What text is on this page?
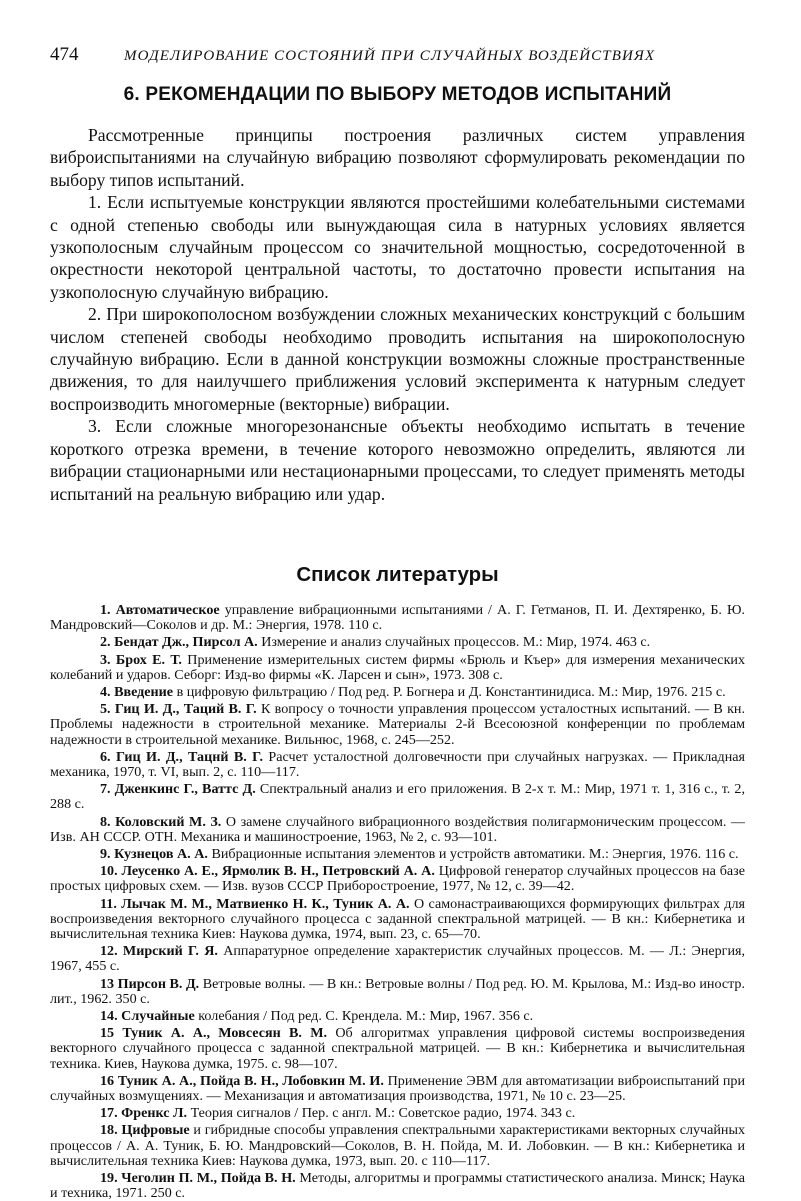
474	МОДЕЛИРОВАНИЕ СОСТОЯНИЙ ПРИ СЛУЧАЙНЫХ ВОЗДЕЙСТВИЯХ
6. РЕКОМЕНДАЦИИ ПО ВЫБОРУ МЕТОДОВ ИСПЫТАНИЙ

Рассмотренные принципы построения различных систем управления виброиспытаниями на случайную вибрацию позволяют сформулировать рекомендации по выбору типов испытаний.

1. Если испытуемые конструкции являются простейшими колебательными системами с одной степенью свободы или вынуждающая сила в натурных условиях является узкополосным случайным процессом со значительной мощностью, сосредоточенной в окрестности некоторой центральной частоты, то достаточно провести испытания на узкополосную случайную вибрацию.

2. При широкополосном возбуждении сложных механических конструкций с большим числом степеней свободы необходимо проводить испытания на широкополосную случайную вибрацию. Если в данной конструкции возможны сложные пространственные движения, то для наилучшего приближения условий эксперимента к натурным следует воспроизводить многомерные (векторные) вибрации.

3. Если сложные многорезонансные объекты необходимо испытать в течение короткого отрезка времени, в течение которого невозможно определить, являются ли вибрации стационарными или нестационарными процессами, то следует применять методы испытаний на реальную вибрацию или удар.

Список литературы

1. Автоматическое управление вибрационными испытаниями / А. Г. Гетманов, П. И. Дехтяренко, Б. Ю. Мандровский—Соколов и др. М.: Энергия, 1978. 110 с.

2. Бендат Дж., Пирсол А. Измерение и анализ случайных процессов. М.: Мир, 1974. 463 с.

3. Брох Е. Т. Применение измерительных систем фирмы «Брюль и Къер» для измерения механических колебаний и ударов. Себорг: Изд-во фирмы «К. Ларсен и сын», 1973. 308 с.

4. Введение в цифровую фильтрацию / Под ред. Р. Богнера и Д. Константинидиса. М.: Мир, 1976. 215 с.

5. Гиц И. Д., Таций В. Г. К вопросу о точности управления процессом усталостных испытаний. — В кн. Проблемы надежности в строительной механике. Материалы 2-й Всесоюзной конференции по проблемам надежности в строительной механике. Вильнюс, 1968, с. 245—252.

6. Гиц И. Д., Тацнй В. Г. Расчет усталостной долговечности при случайных нагрузках. — Прикладная механика, 1970, т. VI, вып. 2, с. 110—117.

7. Дженкинс Г., Ваттс Д. Спектральный анализ и его приложения. В 2-х т. М.: Мир, 1971 т. 1, 316 с., т. 2, 288 с.

8. Коловский М. З. О замене случайного вибрационного воздействия полигармоническим процессом. — Изв. АН СССР. ОТН. Механика и машиностроение, 1963, № 2, с. 93—101.

9. Кузнецов А. А. Вибрационные испытания элементов и устройств автоматики. М.: Энергия, 1976. 116 с.

10. Леусенко А. Е., Ярмолик В. Н., Петровский А. А. Цифровой генератор случайных процессов на базе простых цифровых схем. — Изв. вузов СССР Приборостроение, 1977, № 12, с. 39—42.

11. Лычак М. М., Матвиенко Н. К., Туник А. А. О самонастраивающихся формирующих фильтрах для воспроизведения векторного случайного процесса с заданной спектральной матрицей. — В кн.: Кибернетика и вычислительная техника Киев: Наукова думка, 1974, вып. 23, с. 65—70.

12. Мирский Г. Я. Аппаратурное определение характеристик случайных процессов. М. — Л.: Энергия, 1967, 455 с.

13 Пирсон В. Д. Ветровые волны. — В кн.: Ветровые волны / Под ред. Ю. М. Крылова, М.: Изд-во иностр. лит., 1962. 350 с.

14. Случайные колебания / Под ред. С. Крендела. М.: Мир, 1967. 356 с.

15 Туник А. А., Мовсесян В. М. Об алгоритмах управления цифровой системы воспроизведения векторного случайного процесса с заданной спектральной матрицей. — В кн.: Кибернетика и вычислительная техника. Киев, Наукова думка, 1975. с. 98—107.

16 Туник А. А., Пойда В. Н., Лобовкин М. И. Применение ЭВМ для автоматизации виброиспытаний при случайных возмущениях. — Механизация и автоматизация производства, 1971, № 10 с. 23—25.

17. Френкс Л. Теория сигналов / Пер. с англ. М.: Советское радио, 1974. 343 с.

18. Цифровые и гибридные способы управления спектральными характеристиками векторных случайных процессов / А. А. Туник, Б. Ю. Мандровский—Соколов, В. Н. Пойда, М. И. Лобовкин. — В кн.: Кибернетика и вычислительная техника Киев: Наукова думка, 1973, вып. 20. с 110—117.

19. Чеголин П. М., Пойда В. Н. Методы, алгоритмы и программы статистического анализа. Минск; Наука и техника, 1971. 250 с.
